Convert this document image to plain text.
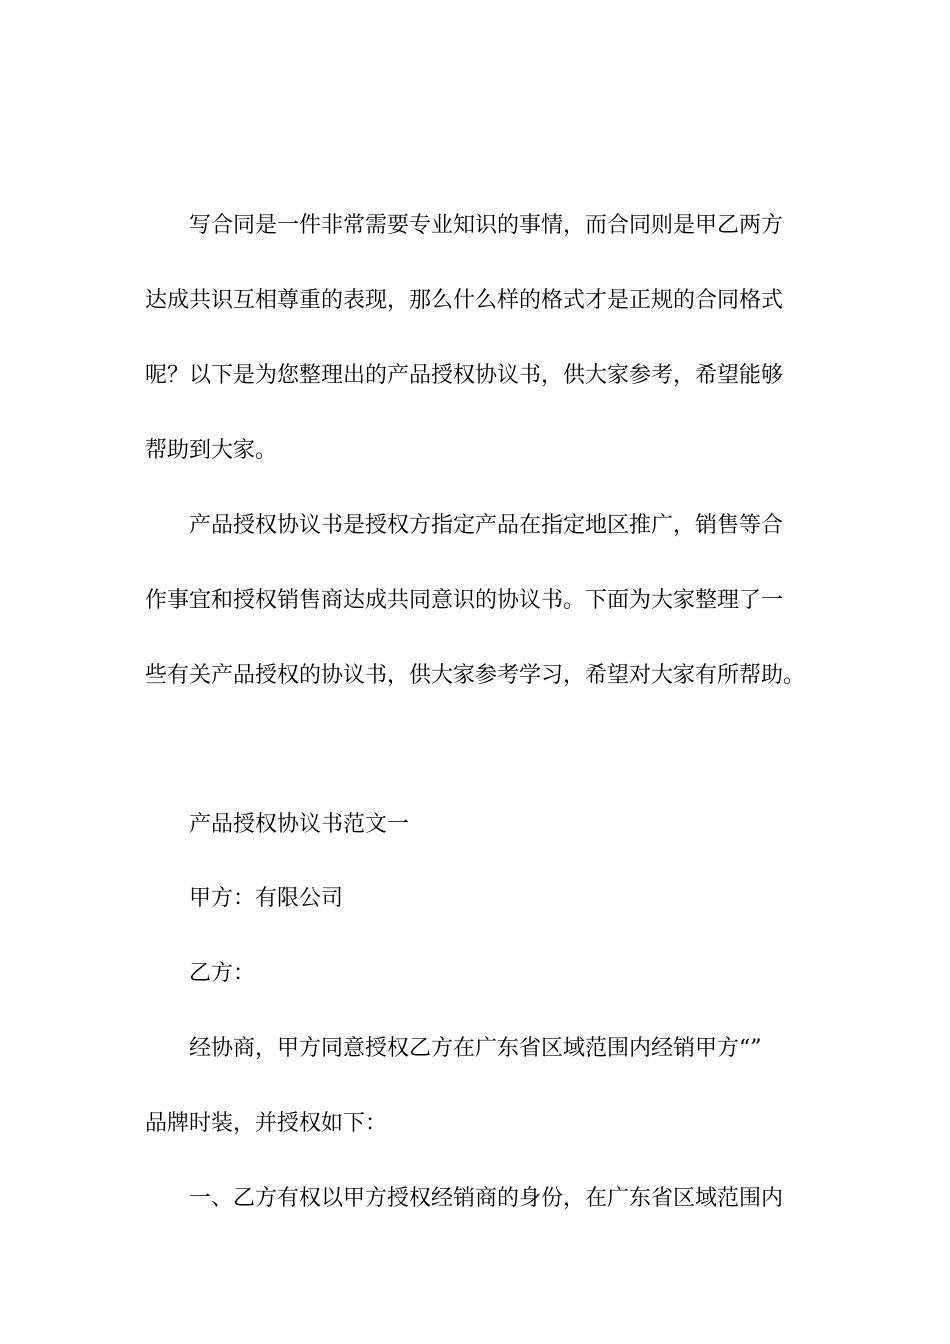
写合同是一件非常需要专业知识的事情，而合同则是甲乙两方
达成共识互相尊重的表现，那么什么样的格式才是正规的合同格式
呢？以下是为您整理出的产品授权协议书，供大家参考，希望能够
帮助到大家。
产品授权协议书是授权方指定产品在指定地区推广，销售等合
作事宜和授权销售商达成共同意识的协议书。下面为大家整理了一
些有关产品授权的协议书，供大家参考学习，希望对大家有所帮助。
产品授权协议书范文一
甲方：有限公司
乙方：
经协商，甲方同意授权乙方在广东省区域范围内经销甲方“”
品牌时装，并授权如下：
一、乙方有权以甲方授权经销商的身份，在广东省区域范围内
